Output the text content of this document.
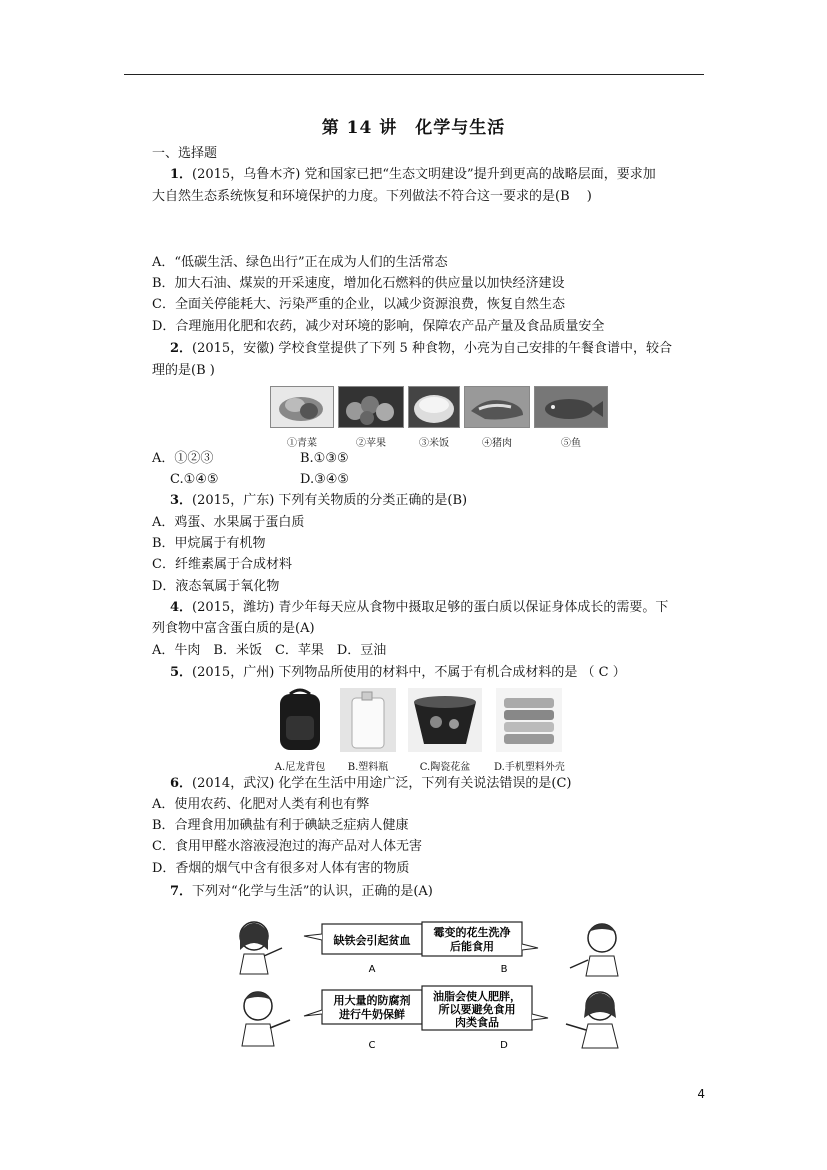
第 14 讲　化学与生活
一、选择题
1．(2015，乌鲁木齐) 党和国家已把“生态文明建设”提升到更高的战略层面，要求加
大自然生态系统恢复和环境保护的力度。下列做法不符合这一要求的是(B　 )
A．“低碳生活、绿色出行”正在成为人们的生活常态
B．加大石油、煤炭的开采速度，增加化石燃料的供应量以加快经济建设
C．全面关停能耗大、污染严重的企业，以减少资源浪费，恢复自然生态
D．合理施用化肥和农药，减少对环境的影响，保障农产品产量及食品质量安全
2．(2015，安徽) 学校食堂提供了下列 5 种食物，小亮为自己安排的午餐食谱中，较合
理的是(B )
①青菜	②苹果	③米饭	④猪肉	⑤鱼
A．①②③	B.①③⑤
C.①④⑤	D.③④⑤
3．(2015，广东) 下列有关物质的分类正确的是(B)
A．鸡蛋、水果属于蛋白质
B．甲烷属于有机物
C．纤维素属于合成材料
D．液态氧属于氧化物
4．(2015，潍坊) 青少年每天应从食物中摄取足够的蛋白质以保证身体成长的需要。下
列食物中富含蛋白质的是(A)
A．牛肉　B．米饭　C．苹果　D．豆油
5．(2015，广州) 下列物品所使用的材料中，不属于有机合成材料的是 （ C ）
A.尼龙背包 B.塑料瓶	C.陶瓷花盆 D.手机塑料外壳
6．(2014，武汉) 化学在生活中用途广泛，下列有关说法错误的是(C)
A．使用农药、化肥对人类有利也有弊
B．合理食用加碘盐有利于碘缺乏症病人健康
C．食用甲醛水溶液浸泡过的海产品对人体无害
D．香烟的烟气中含有很多对人体有害的物质
7．下列对“化学与生活”的认识，正确的是(A)
缺铁会引起贫血
A
霉变的花生洗净
后能食用
B
用大量的防腐剂
进行牛奶保鲜
C
油脂会使人肥胖，
所以要避免食用
肉类食品
D
4
